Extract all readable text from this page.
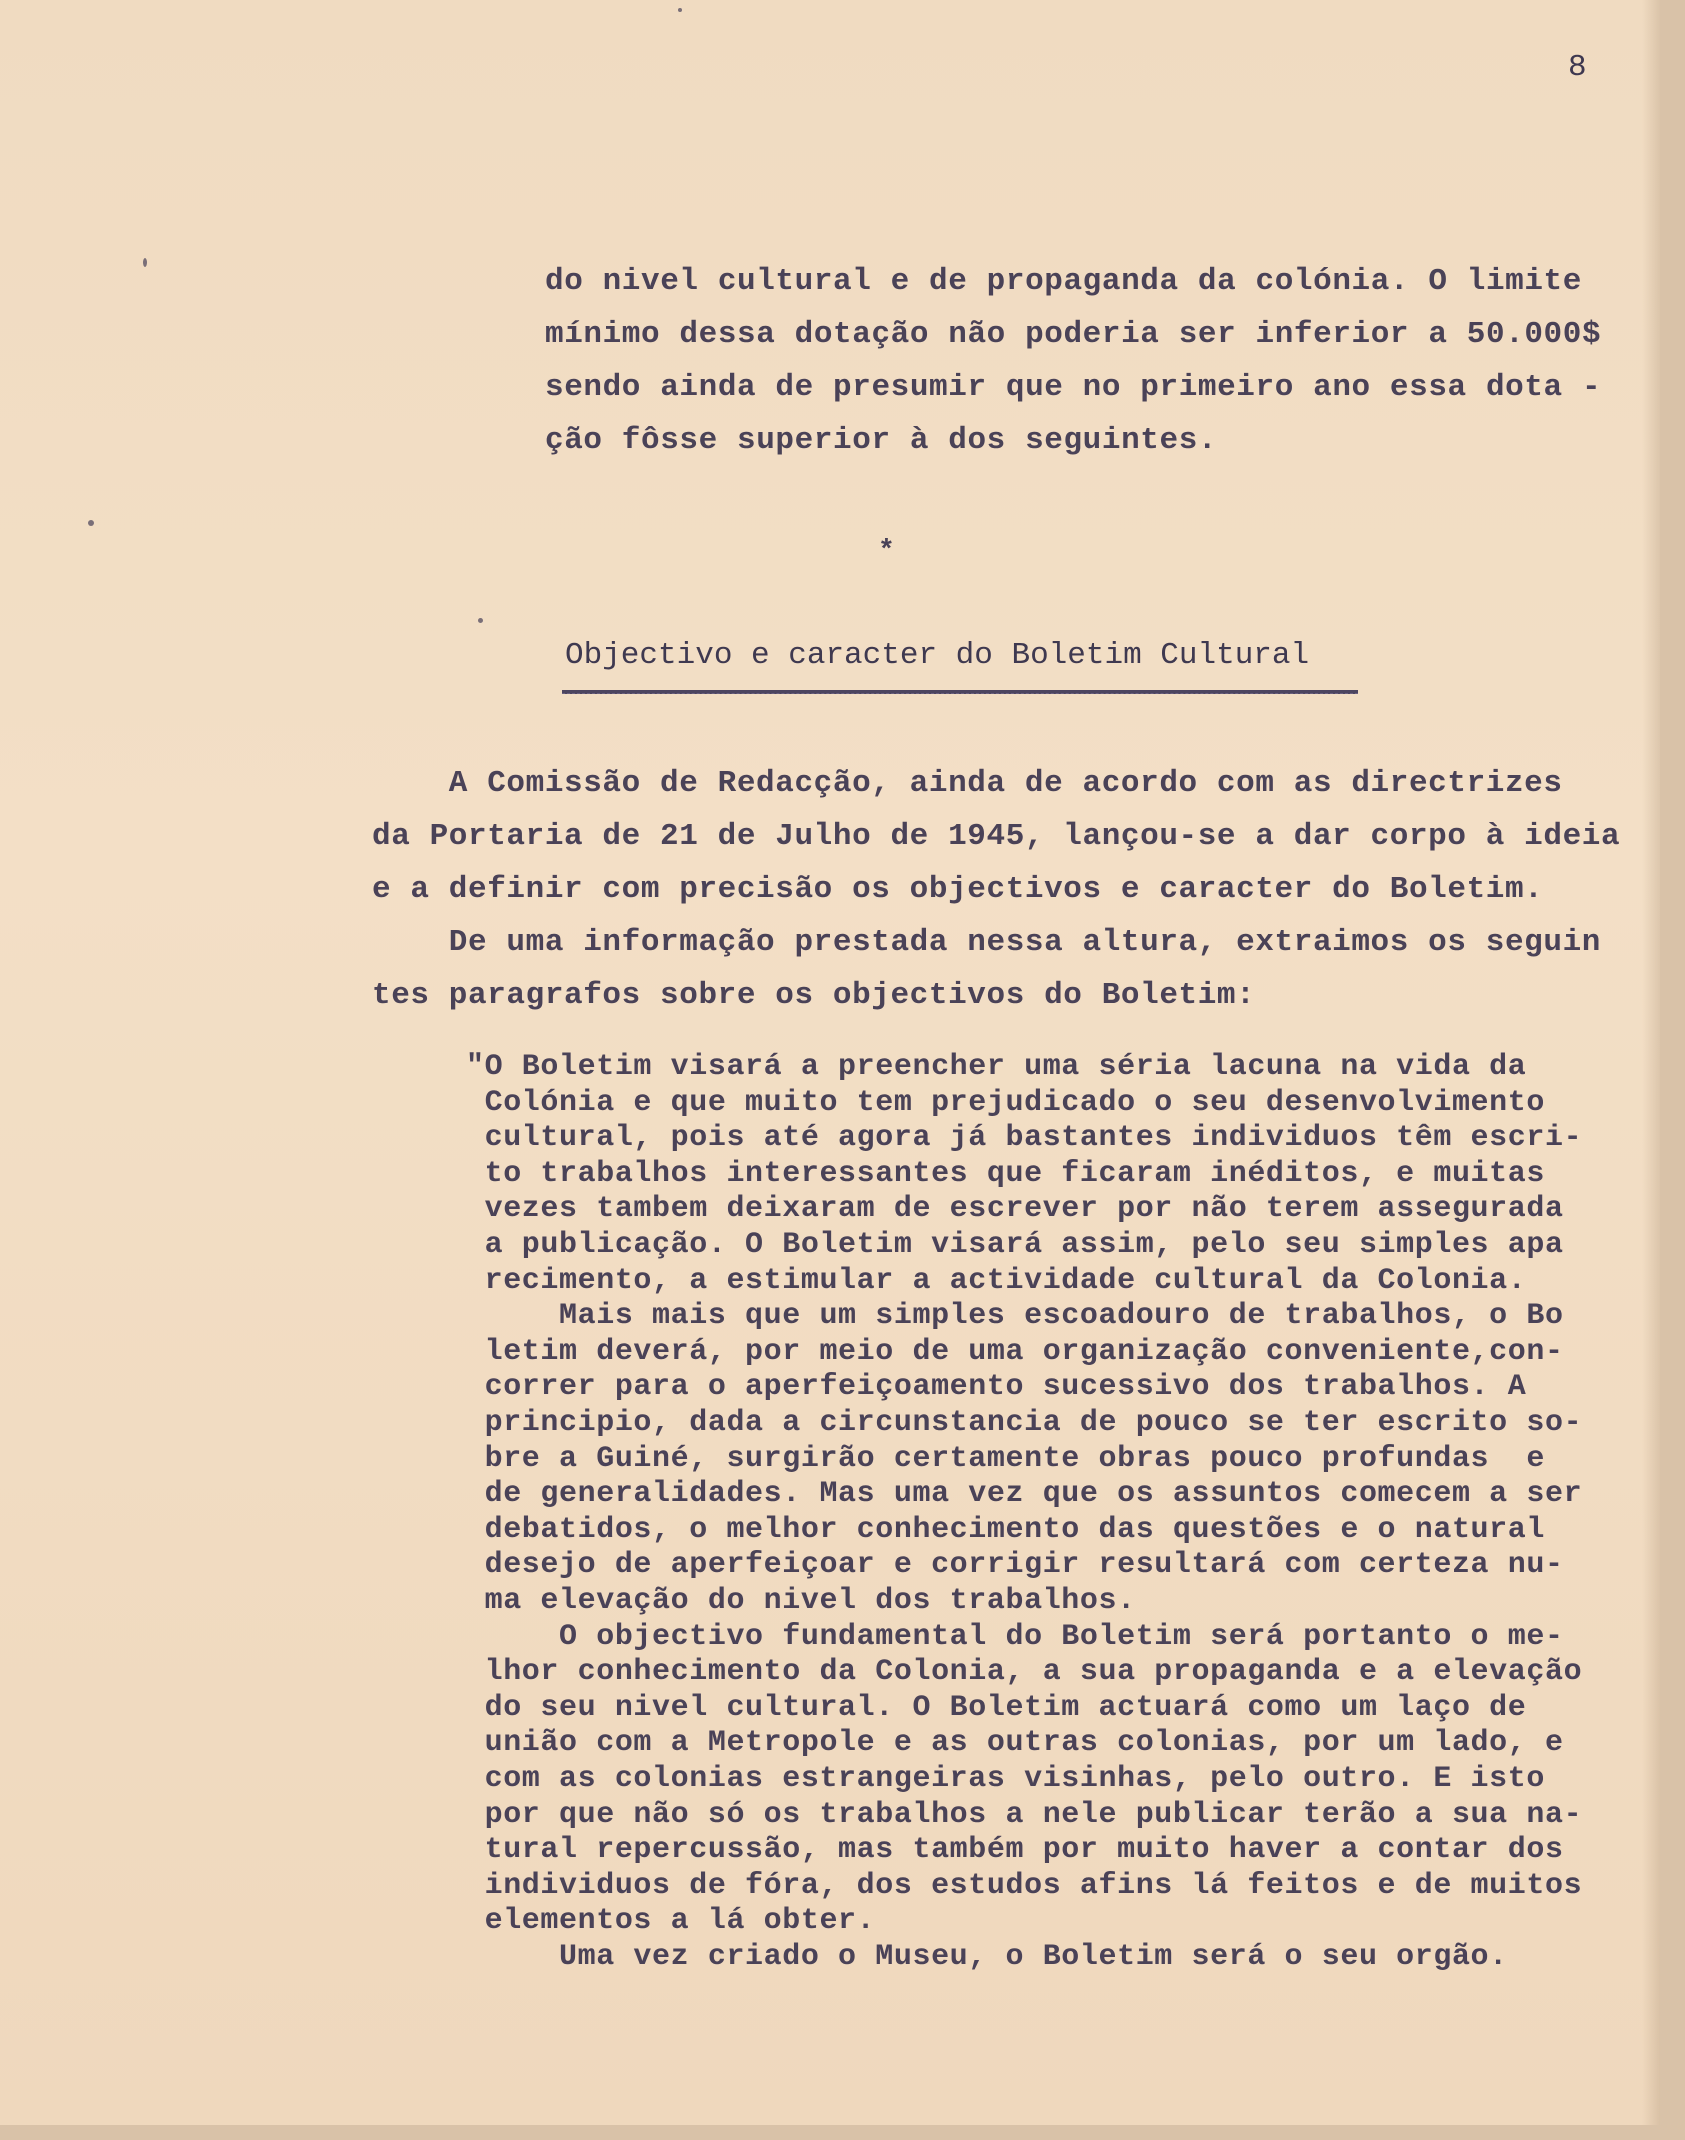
8
do nivel cultural e de propaganda da colónia. O limite
mínimo dessa dotação não poderia ser inferior a 50.000$
sendo ainda de presumir que no primeiro ano essa dota -
ção fôsse superior à dos seguintes.
*
Objectivo e caracter do Boletim Cultural
A Comissão de Redacção, ainda de acordo com as directrizes
da Portaria de 21 de Julho de 1945, lançou-se a dar corpo à ideia
e a definir com precisão os objectivos e caracter do Boletim.
De uma informação prestada nessa altura, extraimos os seguin
tes paragrafos sobre os objectivos do Boletim:
"O Boletim visará a preencher uma séria lacuna na vida da
Colónia e que muito tem prejudicado o seu desenvolvimento
cultural, pois até agora já bastantes individuos têm escri-
to trabalhos interessantes que ficaram inéditos, e muitas
vezes tambem deixaram de escrever por não terem assegurada
a publicação. O Boletim visará assim, pelo seu simples apa
recimento, a estimular a actividade cultural da Colonia.
Mais mais que um simples escoadouro de trabalhos, o Bo
letim deverá, por meio de uma organização conveniente,con-
correr para o aperfeiçoamento sucessivo dos trabalhos. A
principio, dada a circunstancia de pouco se ter escrito so-
bre a Guiné, surgirão certamente obras pouco profundas  e
de generalidades. Mas uma vez que os assuntos comecem a ser
debatidos, o melhor conhecimento das questões e o natural
desejo de aperfeiçoar e corrigir resultará com certeza nu-
ma elevação do nivel dos trabalhos.
O objectivo fundamental do Boletim será portanto o me-
lhor conhecimento da Colonia, a sua propaganda e a elevação
do seu nivel cultural. O Boletim actuará como um laço de
união com a Metropole e as outras colonias, por um lado, e
com as colonias estrangeiras visinhas, pelo outro. E isto
por que não só os trabalhos a nele publicar terão a sua na-
tural repercussão, mas também por muito haver a contar dos
individuos de fóra, dos estudos afins lá feitos e de muitos
elementos a lá obter.
Uma vez criado o Museu, o Boletim será o seu orgão.
